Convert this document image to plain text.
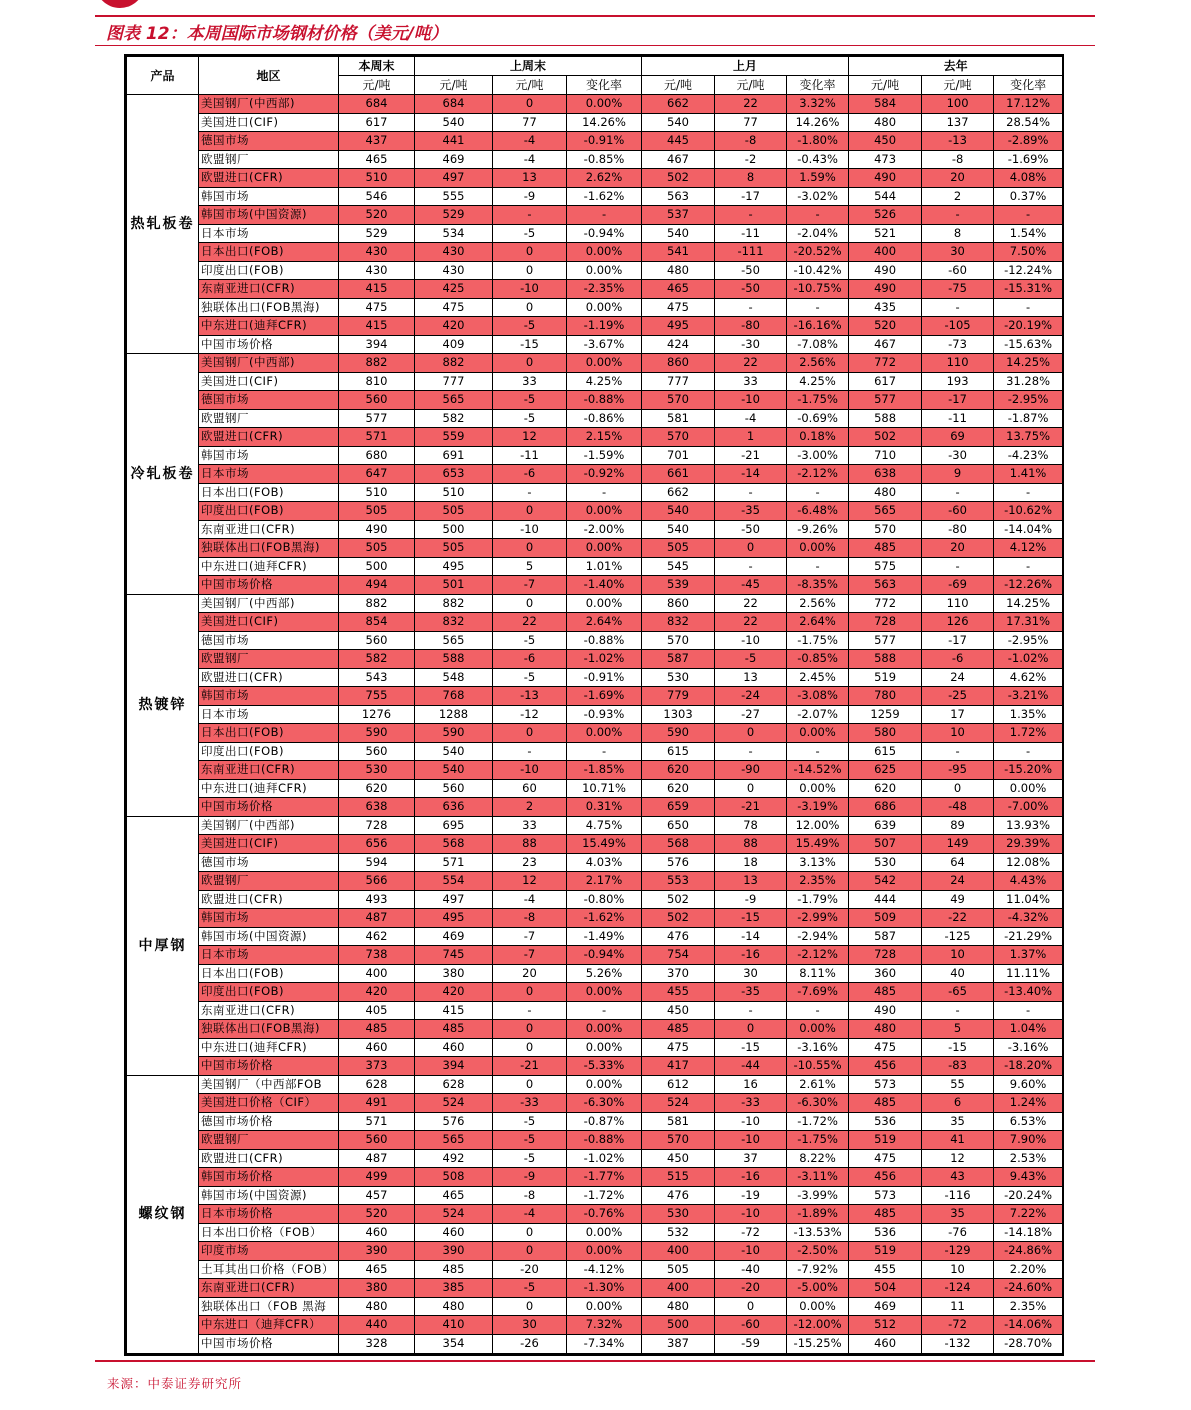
图表 12：本周国际市场钢材价格（美元/吨）
产品	地区	本周末	上周末			上月			去年		
		元/吨	元/吨	元/吨	变化率	元/吨	元/吨	变化率	元/吨	元/吨	变化率
热轧板卷	美国钢厂(中西部)	684	684	0	0.00%	662	22	3.32%	584	100	17.12%
	美国进口(CIF)	617	540	77	14.26%	540	77	14.26%	480	137	28.54%
	德国市场	437	441	-4	-0.91%	445	-8	-1.80%	450	-13	-2.89%
	欧盟钢厂	465	469	-4	-0.85%	467	-2	-0.43%	473	-8	-1.69%
	欧盟进口(CFR)	510	497	13	2.62%	502	8	1.59%	490	20	4.08%
	韩国市场	546	555	-9	-1.62%	563	-17	-3.02%	544	2	0.37%
	韩国市场(中国资源)	520	529	-	-	537	-	-	526	-	-
	日本市场	529	534	-5	-0.94%	540	-11	-2.04%	521	8	1.54%
	日本出口(FOB)	430	430	0	0.00%	541	-111	-20.52%	400	30	7.50%
	印度出口(FOB)	430	430	0	0.00%	480	-50	-10.42%	490	-60	-12.24%
	东南亚进口(CFR)	415	425	-10	-2.35%	465	-50	-10.75%	490	-75	-15.31%
	独联体出口(FOB黑海)	475	475	0	0.00%	475	-	-	435	-	-
	中东进口(迪拜CFR)	415	420	-5	-1.19%	495	-80	-16.16%	520	-105	-20.19%
	中国市场价格	394	409	-15	-3.67%	424	-30	-7.08%	467	-73	-15.63%
冷轧板卷	美国钢厂(中西部)	882	882	0	0.00%	860	22	2.56%	772	110	14.25%
	美国进口(CIF)	810	777	33	4.25%	777	33	4.25%	617	193	31.28%
	德国市场	560	565	-5	-0.88%	570	-10	-1.75%	577	-17	-2.95%
	欧盟钢厂	577	582	-5	-0.86%	581	-4	-0.69%	588	-11	-1.87%
	欧盟进口(CFR)	571	559	12	2.15%	570	1	0.18%	502	69	13.75%
	韩国市场	680	691	-11	-1.59%	701	-21	-3.00%	710	-30	-4.23%
	日本市场	647	653	-6	-0.92%	661	-14	-2.12%	638	9	1.41%
	日本出口(FOB)	510	510	-	-	662	-	-	480	-	-
	印度出口(FOB)	505	505	0	0.00%	540	-35	-6.48%	565	-60	-10.62%
	东南亚进口(CFR)	490	500	-10	-2.00%	540	-50	-9.26%	570	-80	-14.04%
	独联体出口(FOB黑海)	505	505	0	0.00%	505	0	0.00%	485	20	4.12%
	中东进口(迪拜CFR)	500	495	5	1.01%	545	-	-	575	-	-
	中国市场价格	494	501	-7	-1.40%	539	-45	-8.35%	563	-69	-12.26%
热镀锌	美国钢厂(中西部)	882	882	0	0.00%	860	22	2.56%	772	110	14.25%
	美国进口(CIF)	854	832	22	2.64%	832	22	2.64%	728	126	17.31%
	德国市场	560	565	-5	-0.88%	570	-10	-1.75%	577	-17	-2.95%
	欧盟钢厂	582	588	-6	-1.02%	587	-5	-0.85%	588	-6	-1.02%
	欧盟进口(CFR)	543	548	-5	-0.91%	530	13	2.45%	519	24	4.62%
	韩国市场	755	768	-13	-1.69%	779	-24	-3.08%	780	-25	-3.21%
	日本市场	1276	1288	-12	-0.93%	1303	-27	-2.07%	1259	17	1.35%
	日本出口(FOB)	590	590	0	0.00%	590	0	0.00%	580	10	1.72%
	印度出口(FOB)	560	540	-	-	615	-	-	615	-	-
	东南亚进口(CFR)	530	540	-10	-1.85%	620	-90	-14.52%	625	-95	-15.20%
	中东进口(迪拜CFR)	620	560	60	10.71%	620	0	0.00%	620	0	0.00%
	中国市场价格	638	636	2	0.31%	659	-21	-3.19%	686	-48	-7.00%
中厚钢	美国钢厂(中西部)	728	695	33	4.75%	650	78	12.00%	639	89	13.93%
	美国进口(CIF)	656	568	88	15.49%	568	88	15.49%	507	149	29.39%
	德国市场	594	571	23	4.03%	576	18	3.13%	530	64	12.08%
	欧盟钢厂	566	554	12	2.17%	553	13	2.35%	542	24	4.43%
	欧盟进口(CFR)	493	497	-4	-0.80%	502	-9	-1.79%	444	49	11.04%
	韩国市场	487	495	-8	-1.62%	502	-15	-2.99%	509	-22	-4.32%
	韩国市场(中国资源)	462	469	-7	-1.49%	476	-14	-2.94%	587	-125	-21.29%
	日本市场	738	745	-7	-0.94%	754	-16	-2.12%	728	10	1.37%
	日本出口(FOB)	400	380	20	5.26%	370	30	8.11%	360	40	11.11%
	印度出口(FOB)	420	420	0	0.00%	455	-35	-7.69%	485	-65	-13.40%
	东南亚进口(CFR)	405	415	-	-	450	-	-	490	-	-
	独联体出口(FOB黑海)	485	485	0	0.00%	485	0	0.00%	480	5	1.04%
	中东进口(迪拜CFR)	460	460	0	0.00%	475	-15	-3.16%	475	-15	-3.16%
	中国市场价格	373	394	-21	-5.33%	417	-44	-10.55%	456	-83	-18.20%
螺纹钢	美国钢厂（中西部FOB	628	628	0	0.00%	612	16	2.61%	573	55	9.60%
	美国进口价格（CIF）	491	524	-33	-6.30%	524	-33	-6.30%	485	6	1.24%
	德国市场价格	571	576	-5	-0.87%	581	-10	-1.72%	536	35	6.53%
	欧盟钢厂	560	565	-5	-0.88%	570	-10	-1.75%	519	41	7.90%
	欧盟进口(CFR)	487	492	-5	-1.02%	450	37	8.22%	475	12	2.53%
	韩国市场价格	499	508	-9	-1.77%	515	-16	-3.11%	456	43	9.43%
	韩国市场(中国资源)	457	465	-8	-1.72%	476	-19	-3.99%	573	-116	-20.24%
	日本市场价格	520	524	-4	-0.76%	530	-10	-1.89%	485	35	7.22%
	日本出口价格（FOB）	460	460	0	0.00%	532	-72	-13.53%	536	-76	-14.18%
	印度市场	390	390	0	0.00%	400	-10	-2.50%	519	-129	-24.86%
	土耳其出口价格（FOB）	465	485	-20	-4.12%	505	-40	-7.92%	455	10	2.20%
	东南亚进口(CFR)	380	385	-5	-1.30%	400	-20	-5.00%	504	-124	-24.60%
	独联体出口（FOB 黑海	480	480	0	0.00%	480	0	0.00%	469	11	2.35%
	中东进口（迪拜CFR）	440	410	30	7.32%	500	-60	-12.00%	512	-72	-14.06%
	中国市场价格	328	354	-26	-7.34%	387	-59	-15.25%	460	-132	-28.70%
来源：中泰证券研究所
